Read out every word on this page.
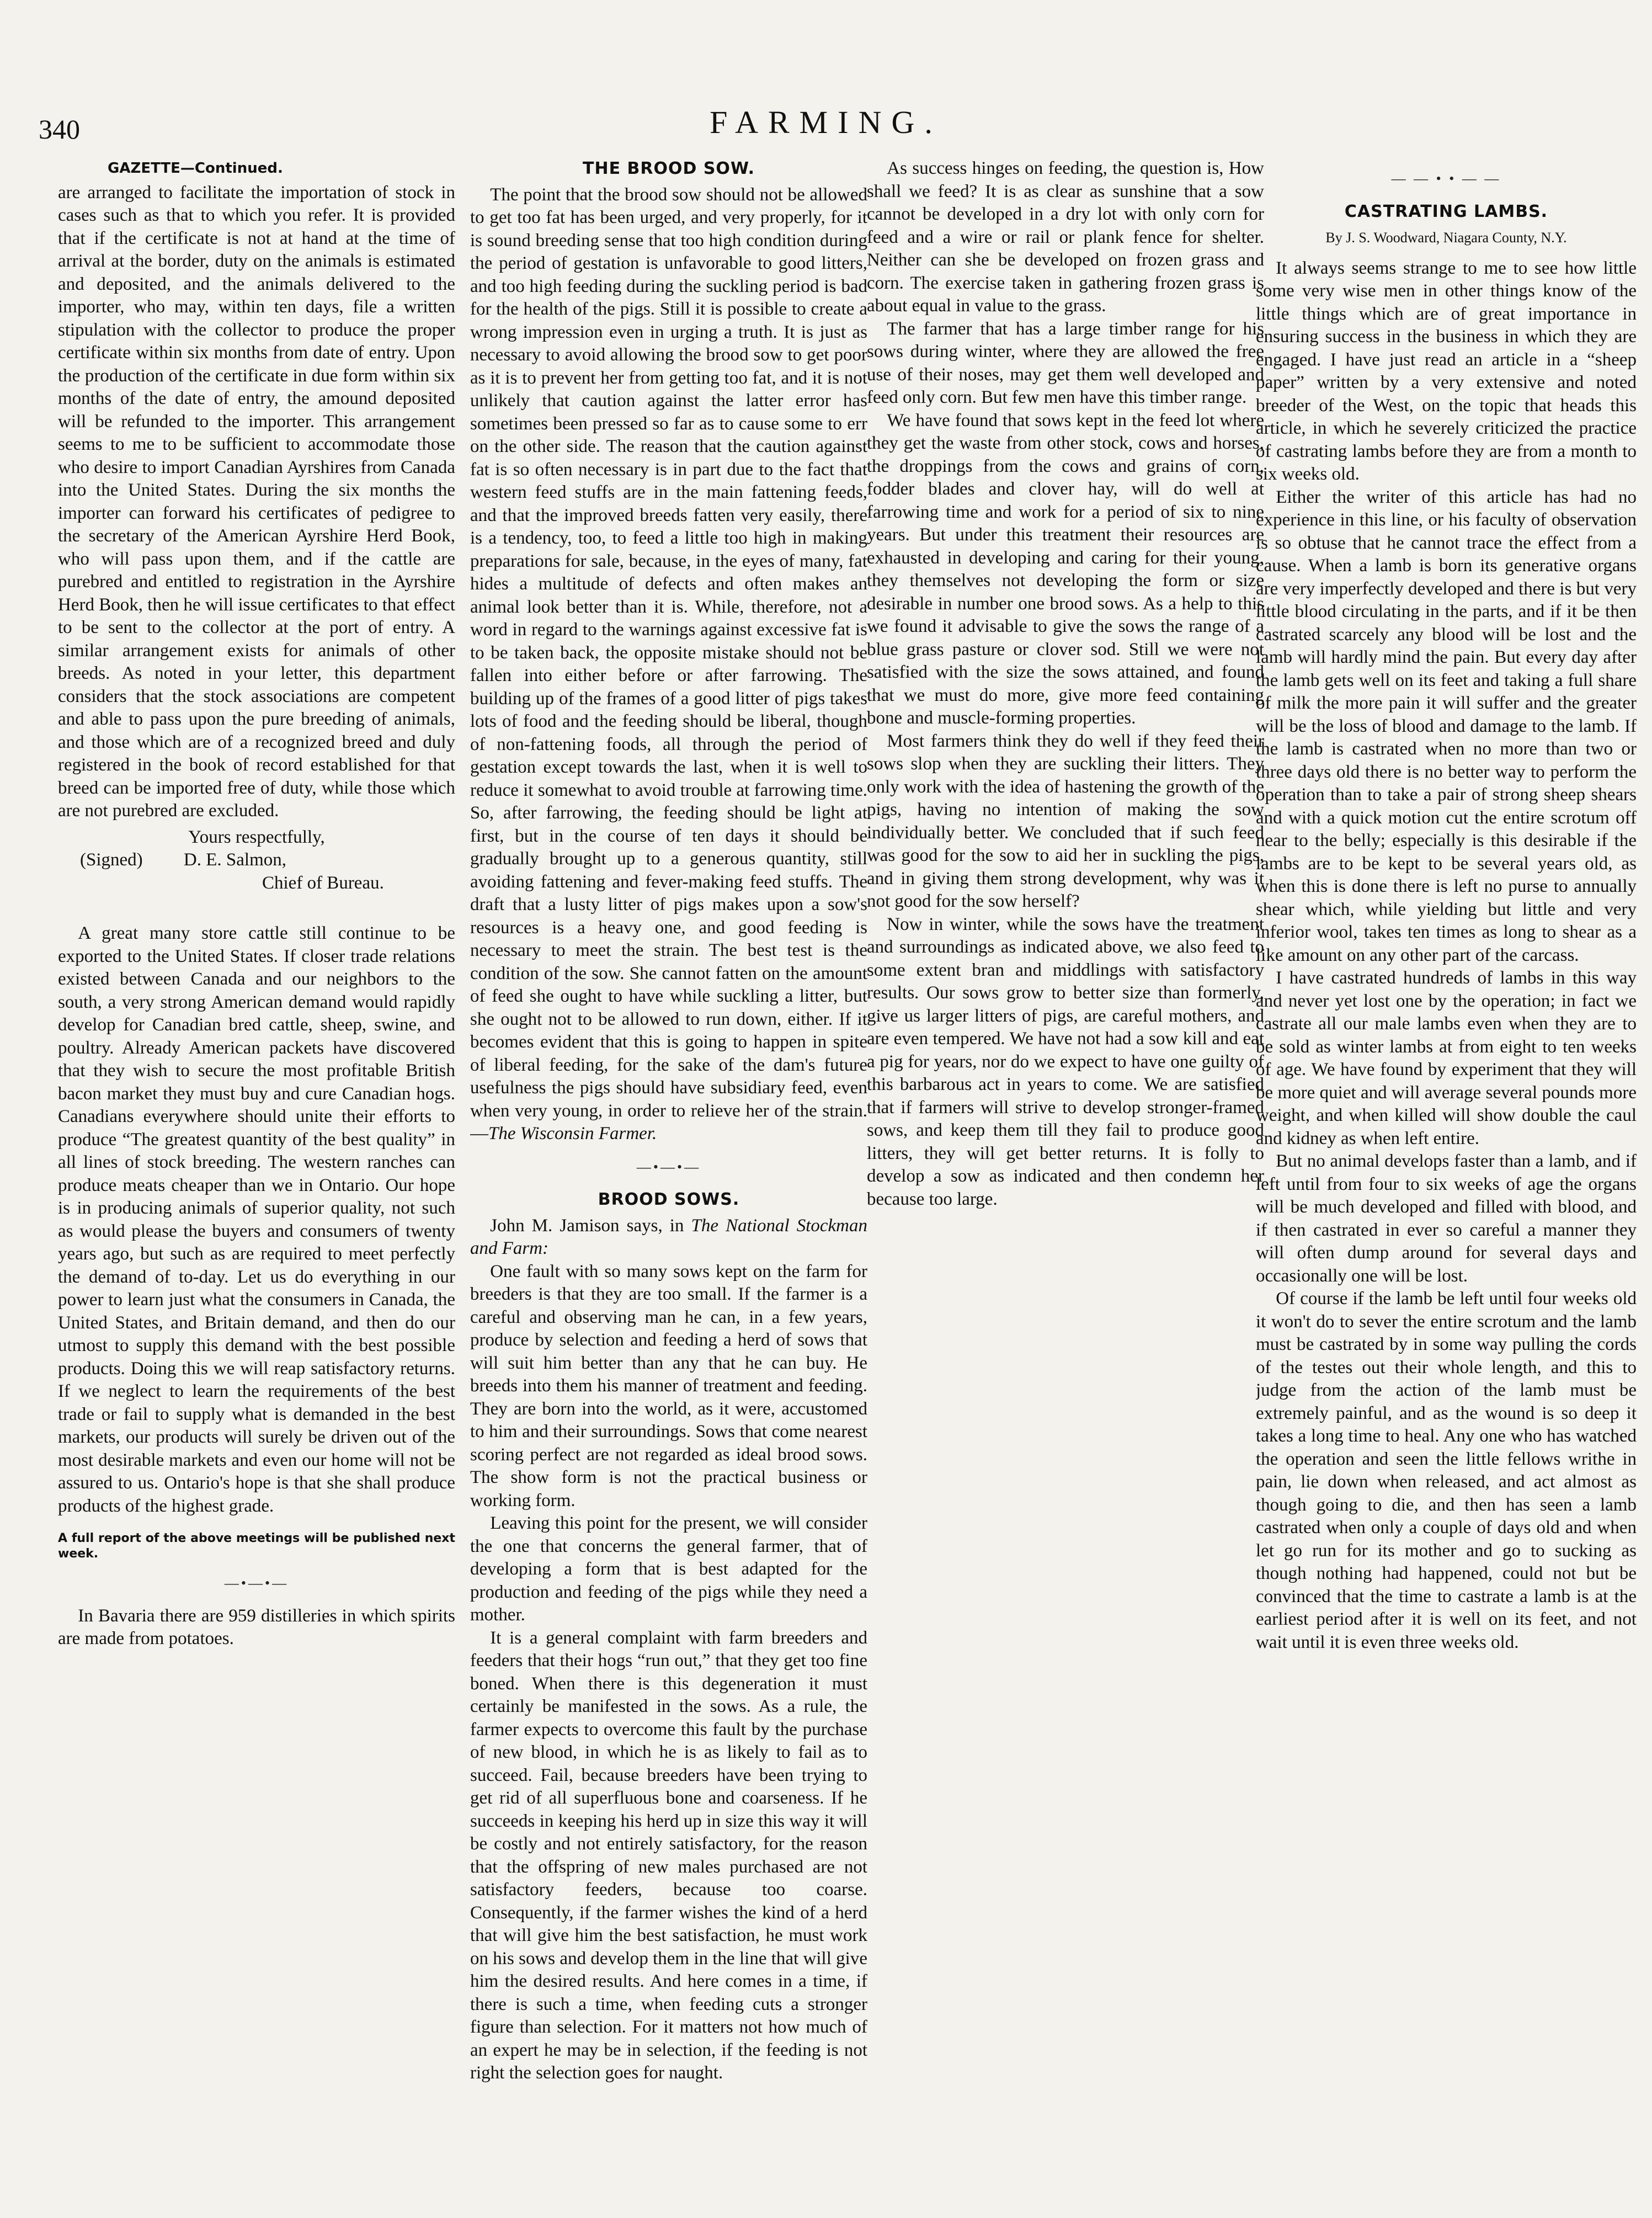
340	FARMING.
GAZETTE—Continued.

are arranged to facilitate the importation of stock in cases such as that to which you refer. It is provided that if the certificate is not at hand at the time of arrival at the border, duty on the animals is estimated and deposited, and the animals delivered to the importer, who may, within ten days, file a written stipulation with the collector to produce the proper certificate within six months from date of entry. Upon the production of the certificate in due form within six months of the date of entry, the amound deposited will be refunded to the importer. This arrangement seems to me to be sufficient to accommodate those who desire to import Canadian Ayrshires from Canada into the United States. During the six months the importer can forward his certificates of pedigree to the secretary of the American Ayrshire Herd Book, who will pass upon them, and if the cattle are purebred and entitled to registration in the Ayrshire Herd Book, then he will issue certificates to that effect to be sent to the collector at the port of entry. A similar arrangement exists for animals of other breeds. As noted in your letter, this department considers that the stock associations are competent and able to pass upon the pure breeding of animals, and those which are of a recognized breed and duly registered in the book of record established for that breed can be imported free of duty, while those which are not purebred are excluded.

Yours respectfully,
(Signed) D. E. Salmon,
Chief of Bureau.

A great many store cattle still continue to be exported to the United States. If closer trade relations existed between Canada and our neighbors to the south, a very strong American demand would rapidly develop for Canadian bred cattle, sheep, swine, and poultry. Already American packets have discovered that they wish to secure the most profitable British bacon market they must buy and cure Canadian hogs. Canadians everywhere should unite their efforts to produce “The greatest quantity of the best quality” in all lines of stock breeding. The western ranches can produce meats cheaper than we in Ontario. Our hope is in producing animals of superior quality, not such as would please the buyers and consumers of twenty years ago, but such as are required to meet perfectly the demand of to-day. Let us do everything in our power to learn just what the consumers in Canada, the United States, and Britain demand, and then do our utmost to supply this demand with the best possible products. Doing this we will reap satisfactory returns. If we neglect to learn the requirements of the best trade or fail to supply what is demanded in the best markets, our products will surely be driven out of the most desirable markets and even our home will not be assured to us. Ontario's hope is that she shall produce products of the highest grade.

A full report of the above meetings will be published next week.
—•—•—

In Bavaria there are 959 distilleries in which spirits are made from potatoes.

THE BROOD SOW.

The point that the brood sow should not be allowed to get too fat has been urged, and very properly, for it is sound breeding sense that too high condition during the period of gestation is unfavorable to good litters, and too high feeding during the suckling period is bad for the health of the pigs. Still it is possible to create a wrong impression even in urging a truth. It is just as necessary to avoid allowing the brood sow to get poor as it is to prevent her from getting too fat, and it is not unlikely that caution against the latter error has sometimes been pressed so far as to cause some to err on the other side. The reason that the caution against fat is so often necessary is in part due to the fact that western feed stuffs are in the main fattening feeds, and that the improved breeds fatten very easily, there is a tendency, too, to feed a little too high in making preparations for sale, because, in the eyes of many, fat hides a multitude of defects and often makes an animal look better than it is. While, therefore, not a word in regard to the warnings against excessive fat is to be taken back, the opposite mistake should not be fallen into either before or after farrowing. The building up of the frames of a good litter of pigs takes lots of food and the feeding should be liberal, though of non-fattening foods, all through the period of gestation except towards the last, when it is well to reduce it somewhat to avoid trouble at farrowing time. So, after farrowing, the feeding should be light at first, but in the course of ten days it should be gradually brought up to a generous quantity, still avoiding fattening and fever-making feed stuffs. The draft that a lusty litter of pigs makes upon a sow's resources is a heavy one, and good feeding is necessary to meet the strain. The best test is the condition of the sow. She cannot fatten on the amount of feed she ought to have while suckling a litter, but she ought not to be allowed to run down, either. If it becomes evident that this is going to happen in spite of liberal feeding, for the sake of the dam's future usefulness the pigs should have subsidiary feed, even when very young, in order to relieve her of the strain.—The Wisconsin Farmer.

—•—•—
BROOD SOWS.

John M. Jamison says, in The National Stockman and Farm:

One fault with so many sows kept on the farm for breeders is that they are too small. If the farmer is a careful and observing man he can, in a few years, produce by selection and feeding a herd of sows that will suit him better than any that he can buy. He breeds into them his manner of treatment and feeding. They are born into the world, as it were, accustomed to him and their surroundings. Sows that come nearest scoring perfect are not regarded as ideal brood sows. The show form is not the practical business or working form.

Leaving this point for the present, we will consider the one that concerns the general farmer, that of developing a form that is best adapted for the production and feeding of the pigs while they need a mother.

It is a general complaint with farm breeders and feeders that their hogs “run out,” that they get too fine boned. When there is this degeneration it must certainly be manifested in the sows. As a rule, the farmer expects to overcome this fault by the purchase of new blood, in which he is as likely to fail as to succeed. Fail, because breeders have been trying to get rid of all superfluous bone and coarseness. If he succeeds in keeping his herd up in size this way it will be costly and not entirely satisfactory, for the reason that the offspring of new males purchased are not satisfactory feeders, because too coarse. Consequently, if the farmer wishes the kind of a herd that will give him the best satisfaction, he must work on his sows and develop them in the line that will give him the desired results. And here comes in a time, if there is such a time, when feeding cuts a stronger figure than selection. For it matters not how much of an expert he may be in selection, if the feeding is not right the selection goes for naught.

As success hinges on feeding, the question is, How shall we feed? It is as clear as sunshine that a sow cannot be developed in a dry lot with only corn for feed and a wire or rail or plank fence for shelter. Neither can she be developed on frozen grass and corn. The exercise taken in gathering frozen grass is about equal in value to the grass.

The farmer that has a large timber range for his sows during winter, where they are allowed the free use of their noses, may get them well developed and feed only corn. But few men have this timber range.

We have found that sows kept in the feed lot where they get the waste from other stock, cows and horses, the droppings from the cows and grains of corn, fodder blades and clover hay, will do well at farrowing time and work for a period of six to nine years. But under this treatment their resources are exhausted in developing and caring for their young, they themselves not developing the form or size desirable in number one brood sows. As a help to this we found it advisable to give the sows the range of a blue grass pasture or clover sod. Still we were not satisfied with the size the sows attained, and found that we must do more, give more feed containing bone and muscle-forming properties.

Most farmers think they do well if they feed their sows slop when they are suckling their litters. They only work with the idea of hastening the growth of the pigs, having no intention of making the sow individually better. We concluded that if such feed was good for the sow to aid her in suckling the pigs, and in giving them strong development, why was it not good for the sow herself?

Now in winter, while the sows have the treatment and surroundings as indicated above, we also feed to some extent bran and middlings with satisfactory results. Our sows grow to better size than formerly, give us larger litters of pigs, are careful mothers, and are even tempered. We have not had a sow kill and eat a pig for years, nor do we expect to have one guilty of this barbarous act in years to come. We are satisfied that if farmers will strive to develop stronger-framed sows, and keep them till they fail to produce good litters, they will get better returns. It is folly to develop a sow as indicated and then condemn her because too large.

— — • • — —
CASTRATING LAMBS.
By J. S. Woodward, Niagara County, N.Y.

It always seems strange to me to see how little some very wise men in other things know of the little things which are of great importance in ensuring success in the business in which they are engaged. I have just read an article in a “sheep paper” written by a very extensive and noted breeder of the West, on the topic that heads this article, in which he severely criticized the practice of castrating lambs before they are from a month to six weeks old.

Either the writer of this article has had no experience in this line, or his faculty of observation is so obtuse that he cannot trace the effect from a cause. When a lamb is born its generative organs are very imperfectly developed and there is but very little blood circulating in the parts, and if it be then castrated scarcely any blood will be lost and the lamb will hardly mind the pain. But every day after the lamb gets well on its feet and taking a full share of milk the more pain it will suffer and the greater will be the loss of blood and damage to the lamb. If the lamb is castrated when no more than two or three days old there is no better way to perform the operation than to take a pair of strong sheep shears and with a quick motion cut the entire scrotum off near to the belly; especially is this desirable if the lambs are to be kept to be several years old, as when this is done there is left no purse to annually shear which, while yielding but little and very inferior wool, takes ten times as long to shear as a like amount on any other part of the carcass.

I have castrated hundreds of lambs in this way and never yet lost one by the operation; in fact we castrate all our male lambs even when they are to be sold as winter lambs at from eight to ten weeks of age. We have found by experiment that they will be more quiet and will average several pounds more weight, and when killed will show double the caul and kidney as when left entire.

But no animal develops faster than a lamb, and if left until from four to six weeks of age the organs will be much developed and filled with blood, and if then castrated in ever so careful a manner they will often dump around for several days and occasionally one will be lost.

Of course if the lamb be left until four weeks old it won't do to sever the entire scrotum and the lamb must be castrated by in some way pulling the cords of the testes out their whole length, and this to judge from the action of the lamb must be extremely painful, and as the wound is so deep it takes a long time to heal. Any one who has watched the operation and seen the little fellows writhe in pain, lie down when released, and act almost as though going to die, and then has seen a lamb castrated when only a couple of days old and when let go run for its mother and go to sucking as though nothing had happened, could not but be convinced that the time to castrate a lamb is at the earliest period after it is well on its feet, and not wait until it is even three weeks old.
